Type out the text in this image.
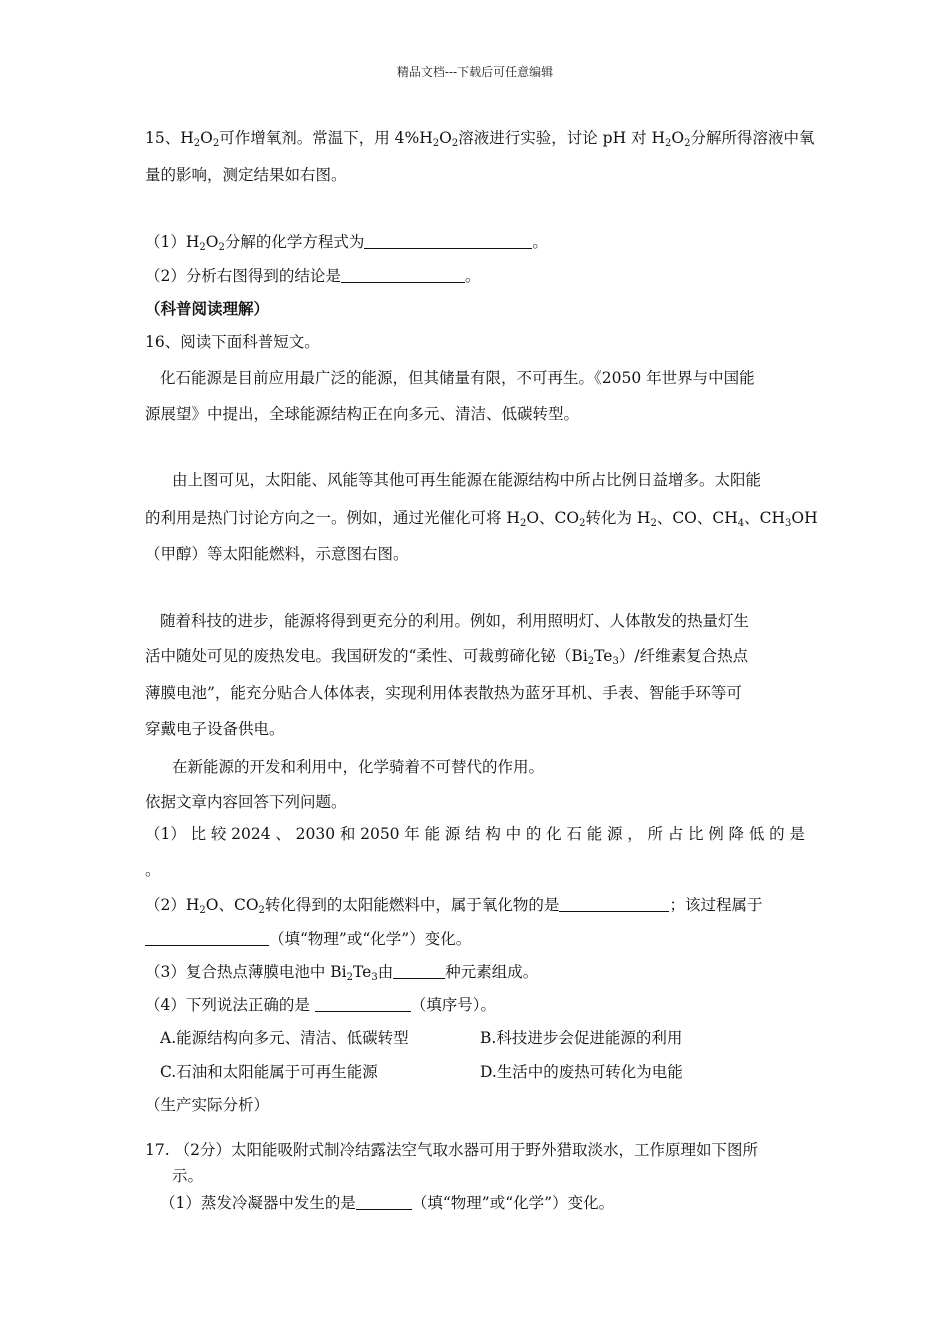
精品文档---下载后可任意编辑
15、$H_2O_2$可作增氧剂。常温下，用 $4\%H_2O_2$溶液进行实验，讨论 pH 对 $H_2O_2$分解所得溶液中氧
量的影响，测定结果如右图。
$(1)H_2O_2$分解的化学方程式为	。
（2）分析右图得到的结论是	。
（科普阅读理解）
16、阅读下面科普短文。
化石能源是目前应用最广泛的能源，但其储量有限，不可再生。《2050 年世界与中国能
源展望》中提出，全球能源结构正在向多元、清洁、低碳转型。
由上图可见，太阳能、风能等其他可再生能源在能源结构中所占比例日益增多。太阳能
的利用是热门讨论方向之一。例如，通过光催化可将 $H_2O$、$CO_2$转化为 $H_2$、CO、$CH_4$、$CH_3OH$
（甲醇）等太阳能燃料，示意图右图。
随着科技的进步，能源将得到更充分的利用。例如，利用照明灯、人体散发的热量灯生
活中随处可见的废热发电。我国研发的“柔性、可裁剪碲化铋$(Bi_2Te_3)/$纤维素复合热点
薄膜电池”，能充分贴合人体体表，实现利用体表散热为蓝牙耳机、手表、智能手环等可
穿戴电子设备供电。
在新能源的开发和利用中，化学骑着不可替代的作用。
依据文章内容回答下列问题。
（1） 比 较 2024 、 2030 和 2050 年 能 源 结 构 中 的 化 石 能 源 ， 所 占 比 例 降 低 的 是
。
$(2)H_2O$、$CO_2$转化得到的太阳能燃料中，属于氧化物的是	；该过程属于
（填“物理”或“化学”）变化。
（3）复合热点薄膜电池中 $Bi_2Te_3$由	种元素组成。
（4）下列说法正确的是	（填序号）。
A.能源结构向多元、清洁、低碳转型	B.科技进步会促进能源的利用
C.石油和太阳能属于可再生能源	D.生活中的废热可转化为电能
（生产实际分析）
17. （2分）太阳能吸附式制冷结露法空气取水器可用于野外猎取淡水，工作原理如下图所
示。
（1）蒸发冷凝器中发生的是	（填“物理”或“化学”）变化。
